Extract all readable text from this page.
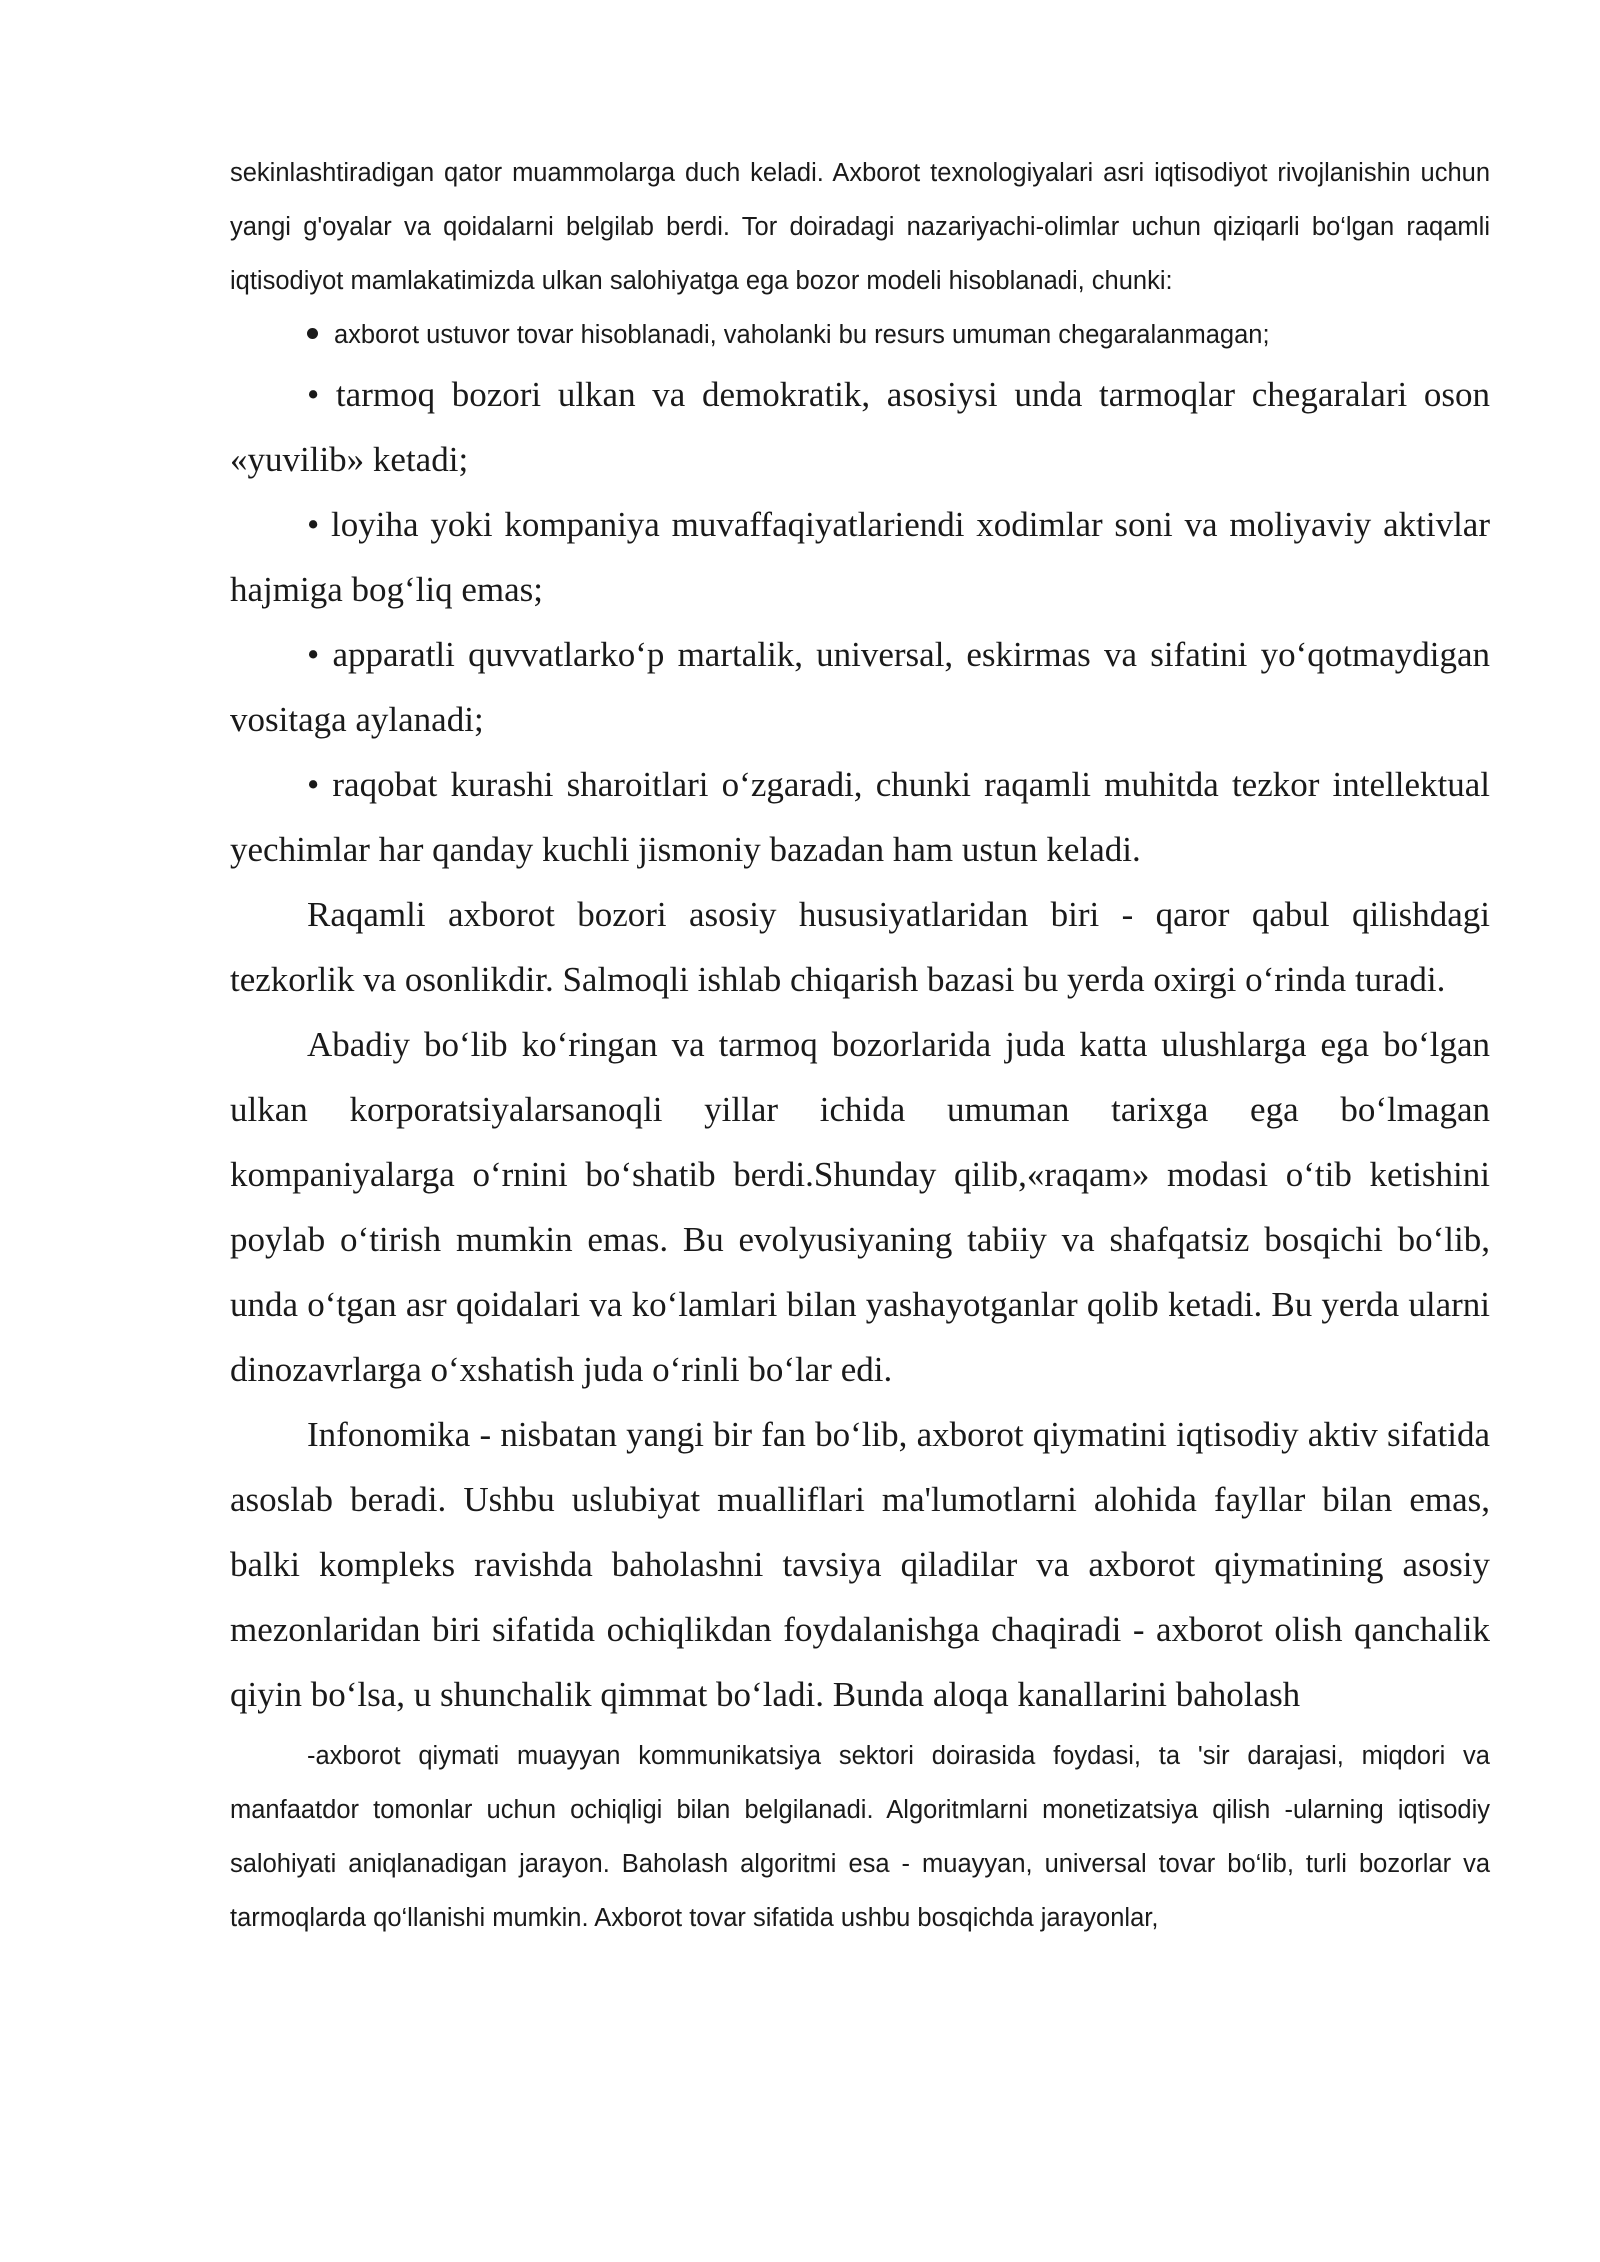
sekinlashtiradigan qator muammolarga duch keladi. Axborot texnologiyalari asri iqtisodiyot rivojlanishin uchun yangi g'oyalar va qoidalarni belgilab berdi. Tor doiradagi nazariyachi-olimlar uchun qiziqarli bo‘lgan raqamli iqtisodiyot mamlakatimizda ulkan salohiyatga ega bozor modeli hisoblanadi, chunki:

axborot ustuvor tovar hisoblanadi, vaholanki bu resurs umuman chegaralanmagan;

• tarmoq bozori ulkan va demokratik, asosiysi unda tarmoqlar chegaralari oson «yuvilib» ketadi;

• loyiha yoki kompaniya muvaffaqiyatlariendi xodimlar soni va moliyaviy aktivlar hajmiga bog‘liq emas;

• apparatli quvvatlarko‘p martalik, universal, eskirmas va sifatini yo‘qotmaydigan vositaga aylanadi;

• raqobat kurashi sharoitlari o‘zgaradi, chunki raqamli muhitda tezkor intellektual yechimlar har qanday kuchli jismoniy bazadan ham ustun keladi.

Raqamli axborot bozori asosiy hususiyatlaridan biri - qaror qabul qilishdagi tezkorlik va osonlikdir. Salmoqli ishlab chiqarish bazasi bu yerda oxirgi o‘rinda turadi.

Abadiy bo‘lib ko‘ringan va tarmoq bozorlarida juda katta ulushlarga ega bo‘lgan ulkan korporatsiyalarsanoqli yillar ichida umuman tarixga ega bo‘lmagan kompaniyalarga o‘rnini bo‘shatib berdi.Shunday qilib,«raqam» modasi o‘tib ketishini poylab o‘tirish mumkin emas. Bu evolyusiyaning tabiiy va shafqatsiz bosqichi bo‘lib, unda o‘tgan asr qoidalari va ko‘lamlari bilan yashayotganlar qolib ketadi. Bu yerda ularni dinozavrlarga o‘xshatish juda o‘rinli bo‘lar edi.

Infonomika - nisbatan yangi bir fan bo‘lib, axborot qiymatini iqtisodiy aktiv sifatida asoslab beradi. Ushbu uslubiyat mualliflari ma'lumotlarni alohida fayllar bilan emas, balki kompleks ravishda baholashni tavsiya qiladilar va axborot qiymatining asosiy mezonlaridan biri sifatida ochiqlikdan foydalanishga chaqiradi - axborot olish qanchalik qiyin bo‘lsa, u shunchalik qimmat bo‘ladi. Bunda aloqa kanallarini baholash

-axborot qiymati muayyan kommunikatsiya sektori doirasida foydasi, ta 'sir darajasi, miqdori va manfaatdor tomonlar uchun ochiqligi bilan belgilanadi. Algoritmlarni monetizatsiya qilish -ularning iqtisodiy salohiyati aniqlanadigan jarayon. Baholash algoritmi esa - muayyan, universal tovar bo‘lib, turli bozorlar va tarmoqlarda qo‘llanishi mumkin. Axborot tovar sifatida ushbu bosqichda jarayonlar,
